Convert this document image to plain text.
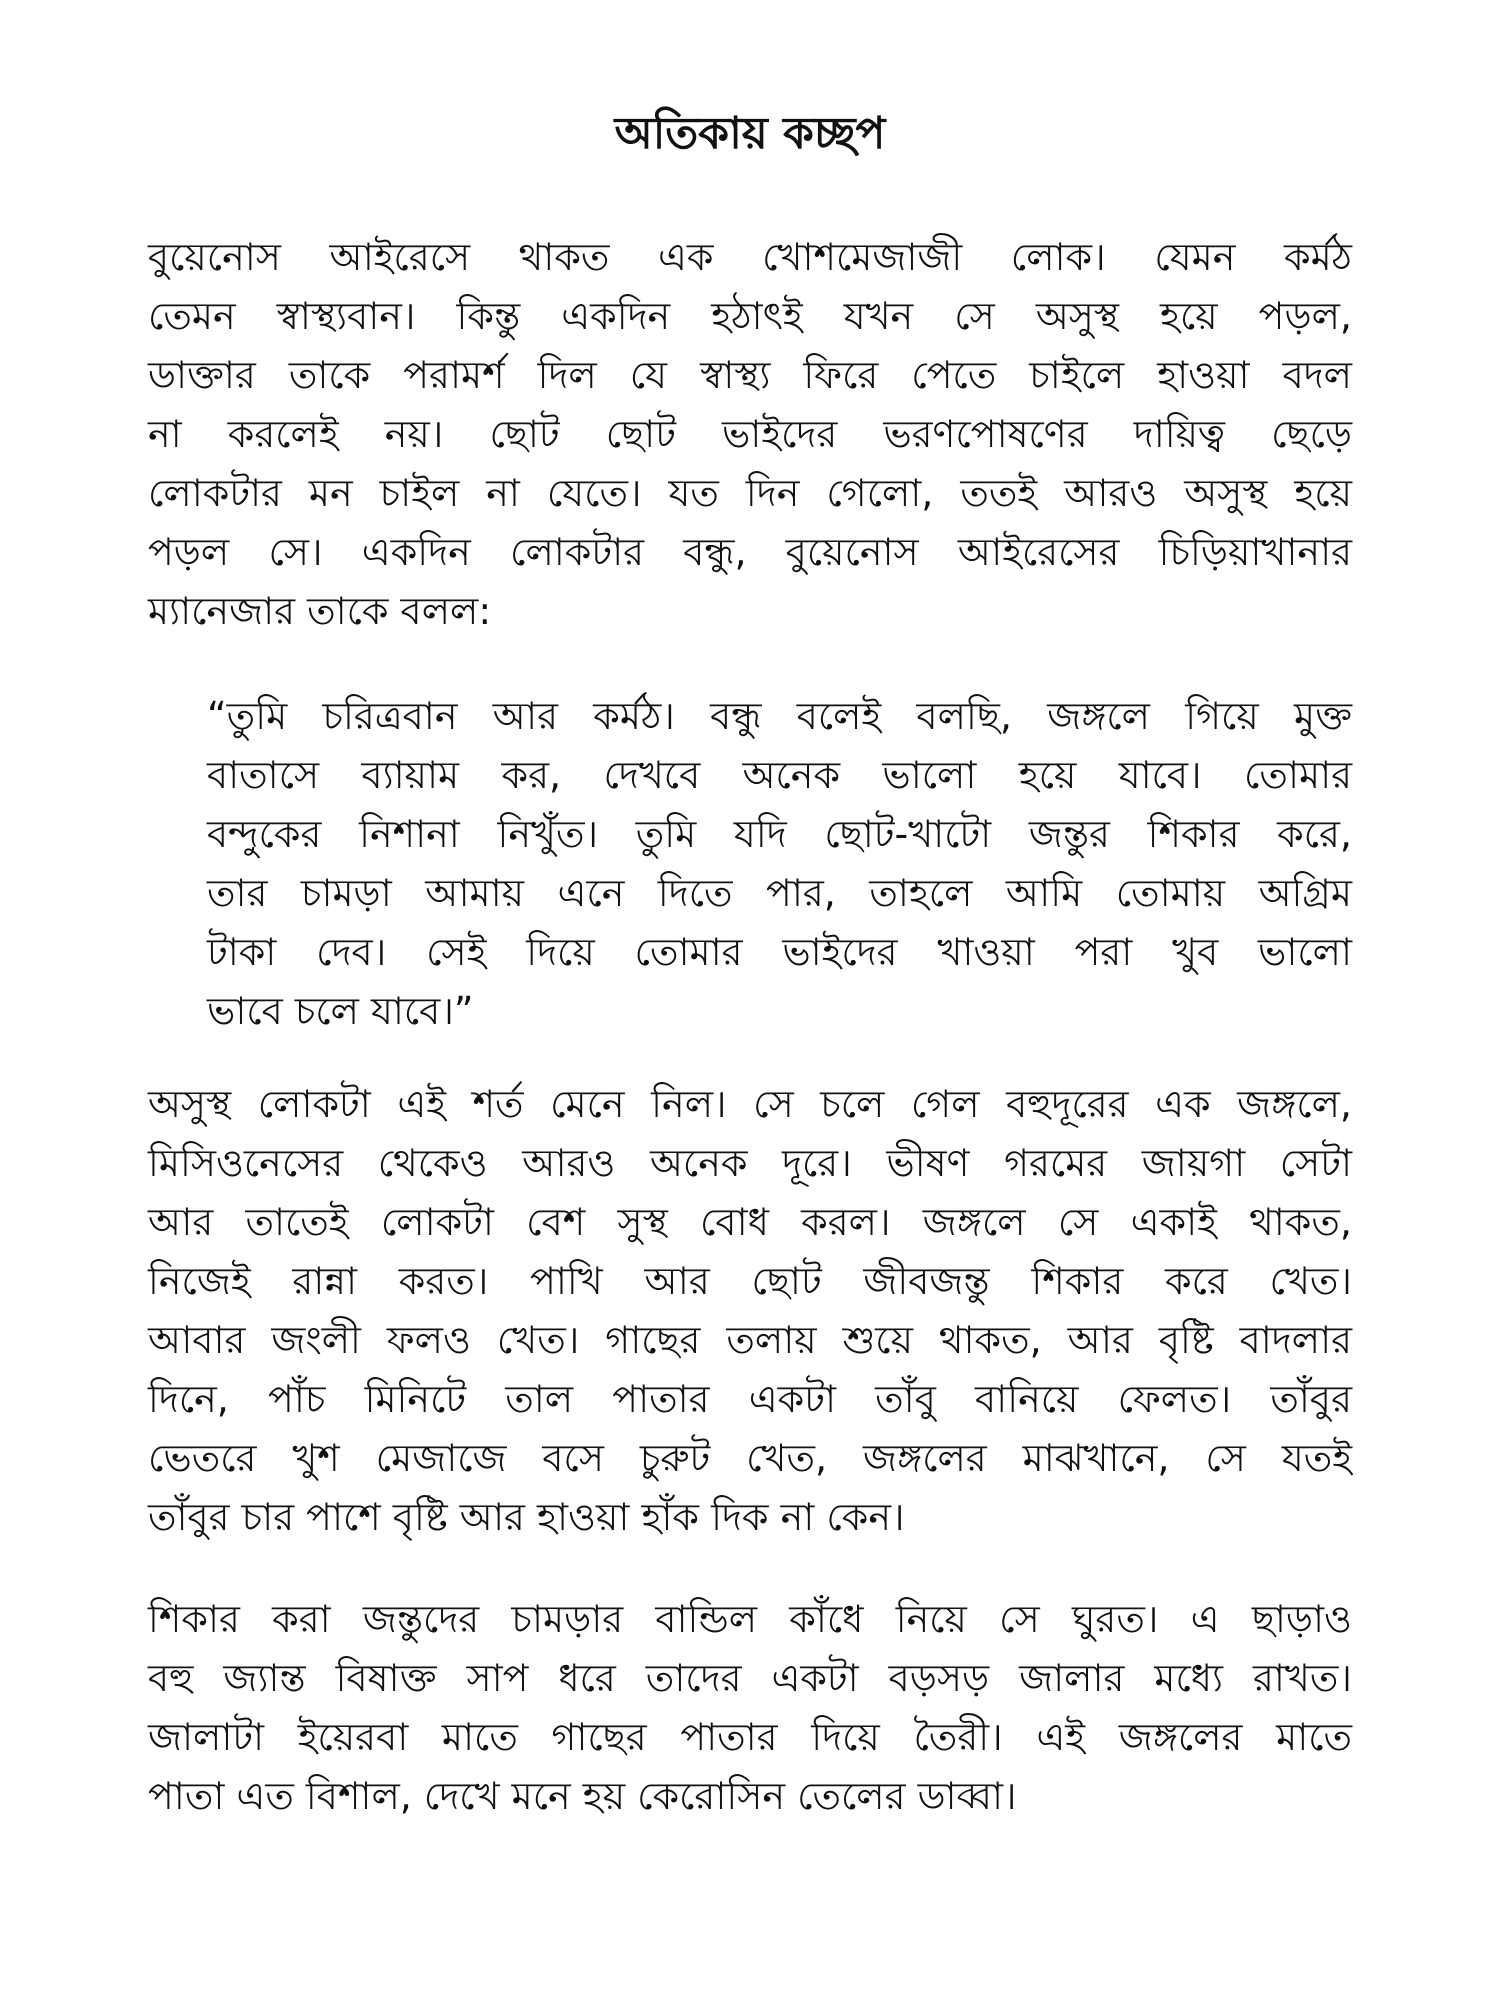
অতিকায় কচ্ছপ
বুয়েনোস আইরেসে থাকত এক খোশমেজাজী লোক। যেমন কর্মঠ
তেমন স্বাস্থ্যবান। কিন্তু একদিন হঠাৎই যখন সে অসুস্থ হয়ে পড়ল,
ডাক্তার তাকে পরামর্শ দিল যে স্বাস্থ্য ফিরে পেতে চাইলে হাওয়া বদল
না করলেই নয়। ছোট ছোট ভাইদের ভরণপোষণের দায়িত্ব ছেড়ে
লোকটার মন চাইল না যেতে। যত দিন গেলো, ততই আরও অসুস্থ হয়ে
পড়ল সে। একদিন লোকটার বন্ধু, বুয়েনোস আইরেসের চিড়িয়াখানার
ম্যানেজার তাকে বলল:
“তুমি চরিত্রবান আর কর্মঠ। বন্ধু বলেই বলছি, জঙ্গলে গিয়ে মুক্ত
বাতাসে ব্যায়াম কর, দেখবে অনেক ভালো হয়ে যাবে। তোমার
বন্দুকের নিশানা নিখুঁত। তুমি যদি ছোট-খাটো জন্তুর শিকার করে,
তার চামড়া আমায় এনে দিতে পার, তাহলে আমি তোমায় অগ্রিম
টাকা দেব। সেই দিয়ে তোমার ভাইদের খাওয়া পরা খুব ভালো
ভাবে চলে যাবে।”
অসুস্থ লোকটা এই শর্ত মেনে নিল। সে চলে গেল বহুদূরের এক জঙ্গলে,
মিসিওনেসের থেকেও আরও অনেক দূরে। ভীষণ গরমের জায়গা সেটা
আর তাতেই লোকটা বেশ সুস্থ বোধ করল। জঙ্গলে সে একাই থাকত,
নিজেই রান্না করত। পাখি আর ছোট জীবজন্তু শিকার করে খেত।
আবার জংলী ফলও খেত। গাছের তলায় শুয়ে থাকত, আর বৃষ্টি বাদলার
দিনে, পাঁচ মিনিটে তাল পাতার একটা তাঁবু বানিয়ে ফেলত। তাঁবুর
ভেতরে খুশ মেজাজে বসে চুরুট খেত, জঙ্গলের মাঝখানে, সে যতই
তাঁবুর চার পাশে বৃষ্টি আর হাওয়া হাঁক দিক না কেন।
শিকার করা জন্তুদের চামড়ার বান্ডিল কাঁধে নিয়ে সে ঘুরত। এ ছাড়াও
বহু জ্যান্ত বিষাক্ত সাপ ধরে তাদের একটা বড়সড় জালার মধ্যে রাখত।
জালাটা ইয়েরবা মাতে গাছের পাতার দিয়ে তৈরী। এই জঙ্গলের মাতে
পাতা এত বিশাল, দেখে মনে হয় কেরোসিন তেলের ডাব্বা।
